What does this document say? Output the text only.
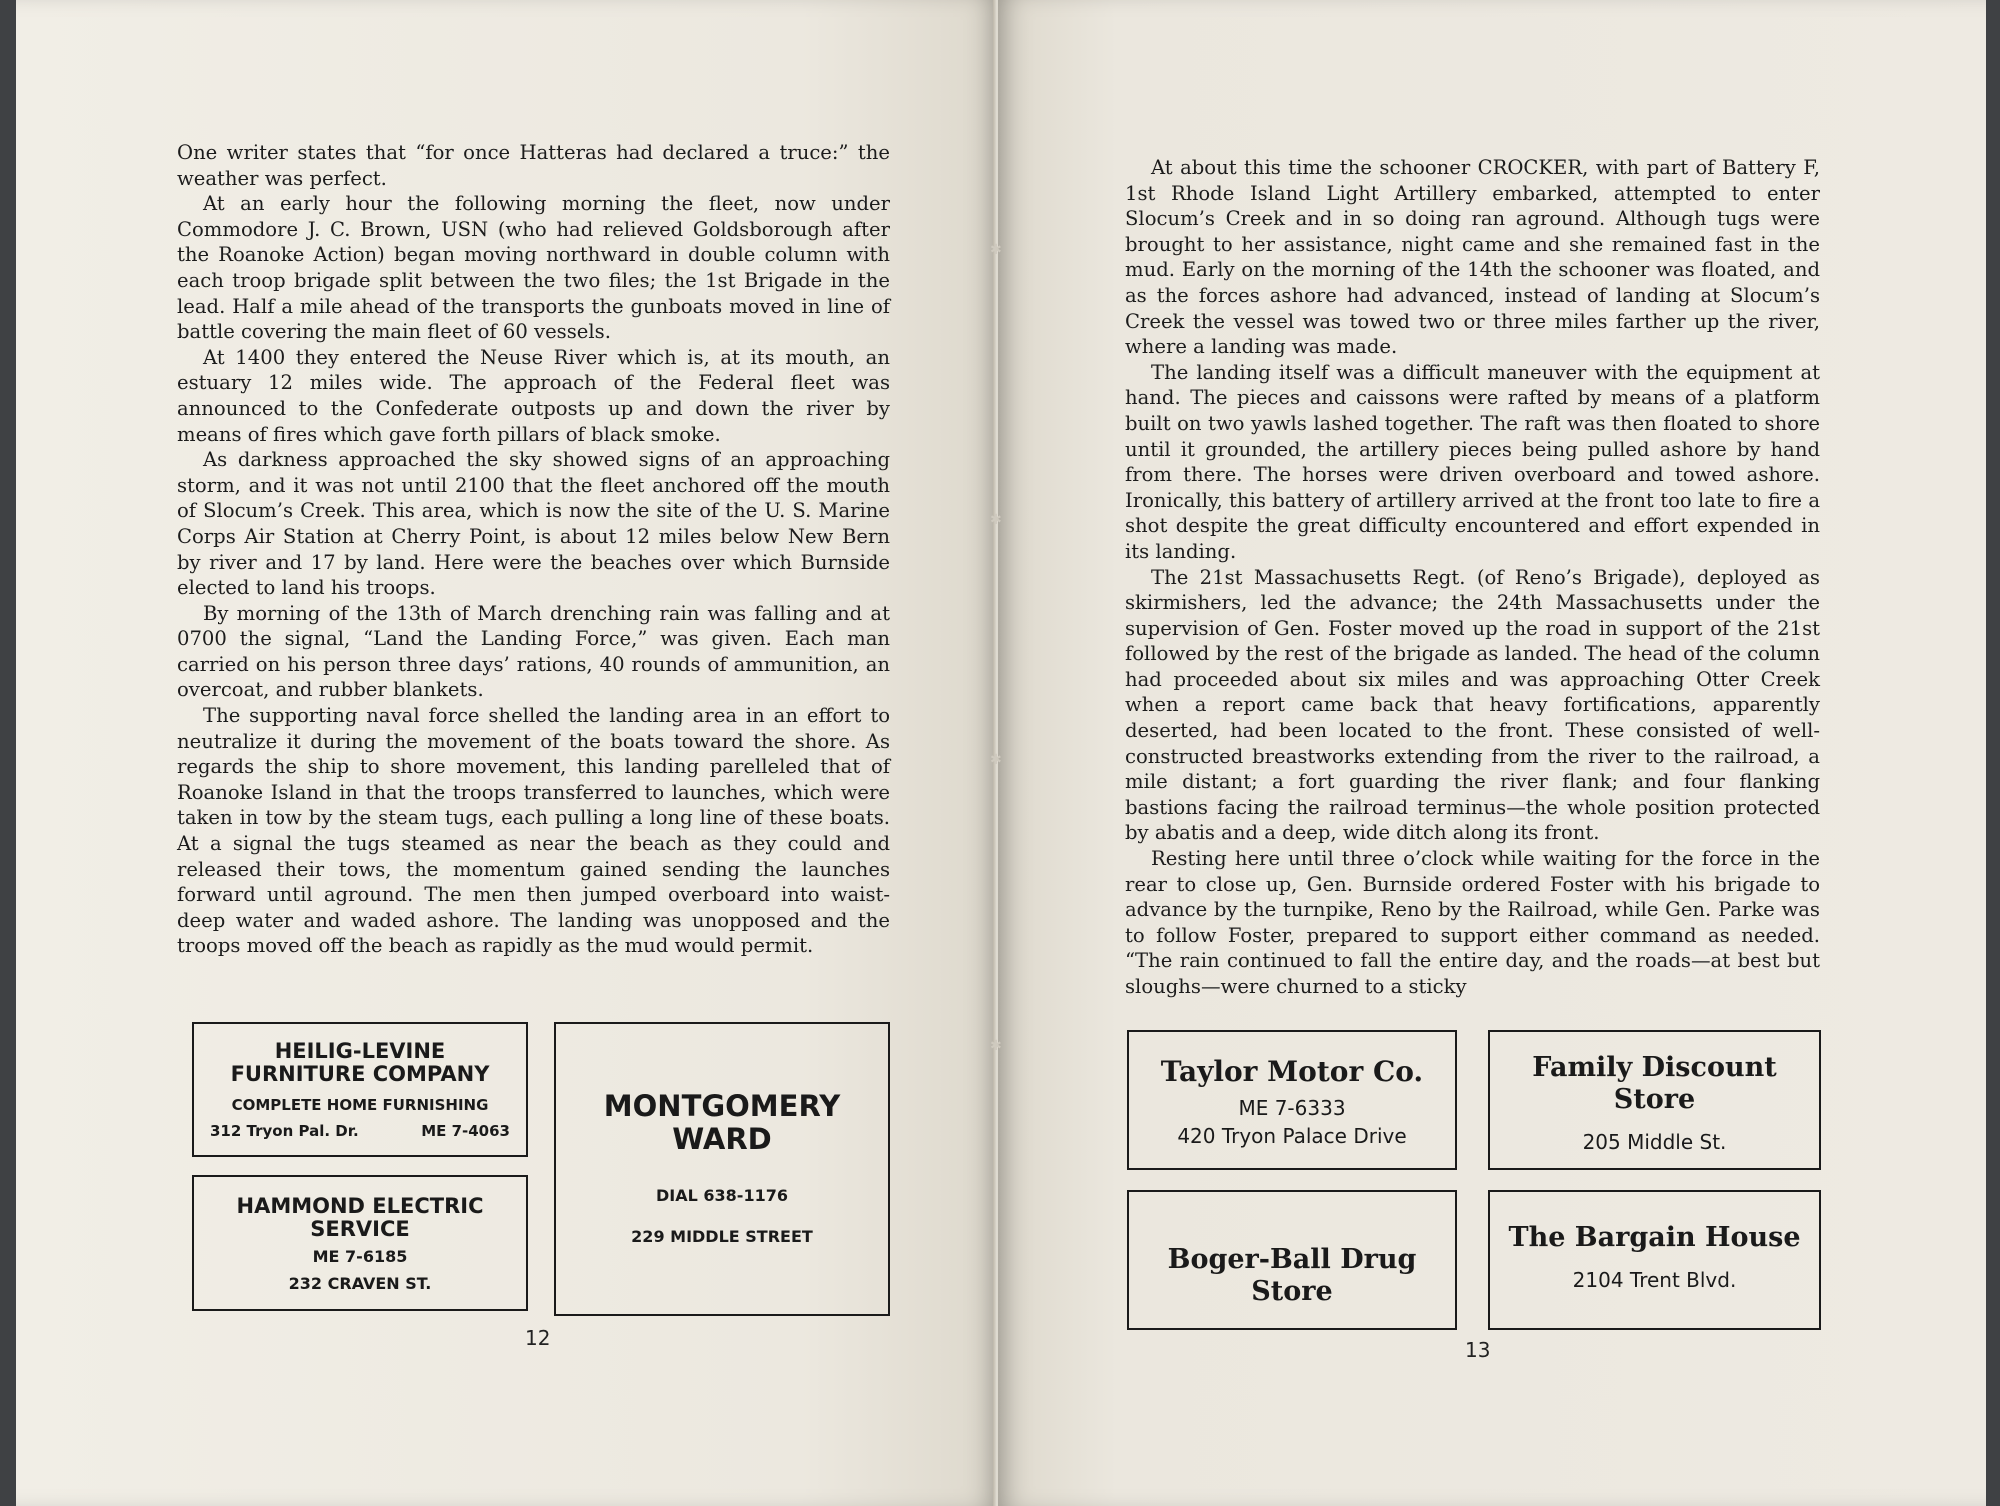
✱
✱
✱
✱

One writer states that “for once Hatteras had declared a truce:” the weather was perfect.

At an early hour the following morning the fleet, now under Commodore J. C. Brown, USN (who had relieved Goldsborough after the Roanoke Action) began moving northward in double column with each troop brigade split between the two files; the 1st Brigade in the lead. Half a mile ahead of the transports the gunboats moved in line of battle covering the main fleet of 60 vessels.

At 1400 they entered the Neuse River which is, at its mouth, an estuary 12 miles wide. The approach of the Federal fleet was announced to the Confederate outposts up and down the river by means of fires which gave forth pillars of black smoke.

As darkness approached the sky showed signs of an approaching storm, and it was not until 2100 that the fleet anchored off the mouth of Slocum’s Creek. This area, which is now the site of the U. S. Marine Corps Air Station at Cherry Point, is about 12 miles below New Bern by river and 17 by land. Here were the beaches over which Burnside elected to land his troops.

By morning of the 13th of March drenching rain was falling and at 0700 the signal, “Land the Landing Force,” was given. Each man carried on his person three days’ rations, 40 rounds of ammunition, an overcoat, and rubber blankets.

The supporting naval force shelled the landing area in an effort to neutralize it during the movement of the boats toward the shore. As regards the ship to shore movement, this landing parelleled that of Roanoke Island in that the troops transferred to launches, which were taken in tow by the steam tugs, each pulling a long line of these boats. At a signal the tugs steamed as near the beach as they could and released their tows, the momentum gained sending the launches forward until aground. The men then jumped overboard into waist-deep water and waded ashore. The landing was unopposed and the troops moved off the beach as rapidly as the mud would permit.

HEILIG-LEVINE
FURNITURE COMPANY
COMPLETE HOME FURNISHING
312 Tryon Pal. Dr.	ME 7-4063
HAMMOND ELECTRIC
SERVICE
ME 7-6185
232 CRAVEN ST.
MONTGOMERY
WARD
DIAL 638-1176
229 MIDDLE STREET
12

At about this time the schooner CROCKER, with part of Battery F, 1st Rhode Island Light Artillery embarked, attempted to enter Slocum’s Creek and in so doing ran aground. Although tugs were brought to her assistance, night came and she remained fast in the mud. Early on the morning of the 14th the schooner was floated, and as the forces ashore had advanced, instead of landing at Slocum’s Creek the vessel was towed two or three miles farther up the river, where a landing was made.

The landing itself was a difficult maneuver with the equipment at hand. The pieces and caissons were rafted by means of a platform built on two yawls lashed together. The raft was then floated to shore until it grounded, the artillery pieces being pulled ashore by hand from there. The horses were driven overboard and towed ashore. Ironically, this battery of artillery arrived at the front too late to fire a shot despite the great difficulty encountered and effort expended in its landing.

The 21st Massachusetts Regt. (of Reno’s Brigade), deployed as skirmishers, led the advance; the 24th Massachusetts under the supervision of Gen. Foster moved up the road in support of the 21st followed by the rest of the brigade as landed. The head of the column had proceeded about six miles and was approaching Otter Creek when a report came back that heavy fortifications, apparently deserted, had been located to the front. These consisted of well-constructed breastworks extending from the river to the railroad, a mile distant; a fort guarding the river flank; and four flanking bastions facing the railroad terminus—the whole position protected by abatis and a deep, wide ditch along its front.

Resting here until three o’clock while waiting for the force in the rear to close up, Gen. Burnside ordered Foster with his brigade to advance by the turnpike, Reno by the Railroad, while Gen. Parke was to follow Foster, prepared to support either command as needed. “The rain continued to fall the entire day, and the roads—at best but sloughs—were churned to a sticky

Taylor Motor Co.
ME 7-6333
420 Tryon Palace Drive
Family Discount
Store
205 Middle St.
Boger-Ball Drug Store
The Bargain House
2104 Trent Blvd.
13
